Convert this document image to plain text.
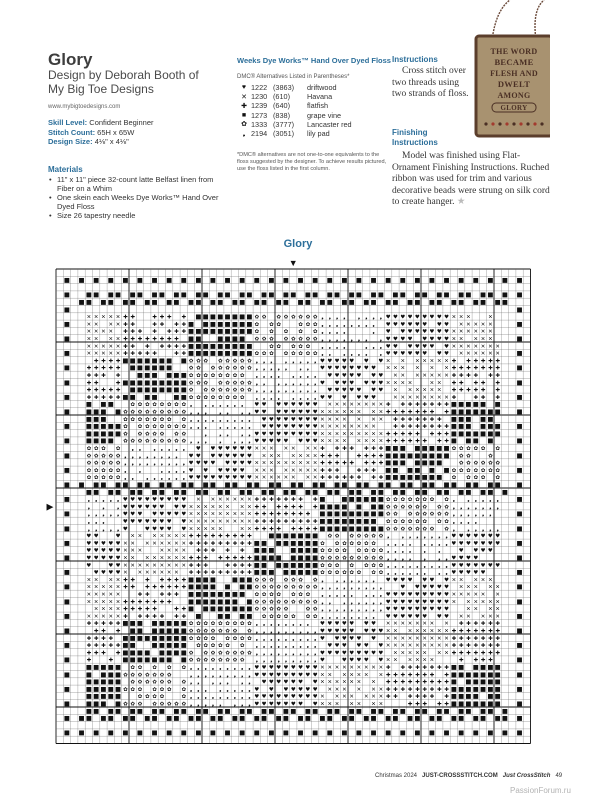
Glory
Design by Deborah Booth of My Big Toe Designs
www.mybigtoedesigns.com
Skill Level: Confident Beginner
Stitch Count: 65H x 65W
Design Size: 4⅛" x 4⅛"
Materials
• 11" x 11" piece 32-count latte Belfast linen from Fiber on a Whim
• One skein each Weeks Dye Works™ Hand Over Dyed Floss
• Size 26 tapestry needle
Weeks Dye Works™ Hand Over Dyed Floss
DMC® Alternatives Listed in Parentheses*
♥ 1222 (3863)	driftwood
✕ 1230 (610)	Havana
✚ 1239 (640)	flatfish
■ 1273 (838)	grape vine
✿ 1333 (3777)	Lancaster red
❟ 2194 (3051)	lily pad
*DMC® alternatives are not one-to-one equivalents to the floss suggested by the designer. To achieve results pictured, use the floss listed in the first column.
Instructions
Cross stitch over two threads using two strands of floss.
Finishing Instructions
Model was finished using Flat-Ornament Finishing Instructions. Ruched ribbon was used for trim and various decorative beads were strung on silk cord to create hanger. ★
THE WORD
BECAME
FLESH AND
DWELT
AMONG
GLORY
Glory
■ ■ ■ ■ ■ ■ ■ ■ ■ ■ ■ ■ ■ ■ ■ ■ ■ ■ ■ ■ ■ ■ ■ ■ ■ ■ ■ ■ ■ ■ ■ ■
■ ■ ■ ■ ■ ■ ■ ■ ■ ■ ■ ■ ■ ■ ■ ■ ■ ■ ■ ■ ■ ■ ■ ■ ■ ■ ■ ■ ■ ■ ■ ■ ■ ■ ■ ■ ■ ■ ■ ■ ■
■ ■ ■ ■ ■ ■ ■ ■ ■ ■ ■ ■ ■ ■ ■ ■ ■ ■ ■ ■ ■ ■ ■ ■ ■ ■ ■ ■ ■ ■ ■ ■ ■ ■ ■ ■ ■ ■ ■ ■
■	■
✕ ✕ ✕ ✕ ✕ ✚ ✚	✚ ✚ ✚ ✚ ■ ■ ■ ■ ■ ■ ■ ■ ✿ ✿ ✿ ✿ ✿ ✿ ✿ ✿ ❟ ❟ ❟ ❟ ❟ ❟ ❟ ❟ ♥ ♥ ♥ ♥ ♥ ♥ ♥ ♥ ♥ ✕ ✕ ✕	✕
■	✕ ✕ ✕ ✕ ✚ ✚	✚ ✚ ✚ ✚ ■ ■ ■ ■ ■ ■ ■ ■ ✿ ✿ ✿	✿ ✿ ✿ ❟ ❟ ❟ ❟ ❟ ❟ ❟ ❟ ♥ ♥ ♥ ♥ ♥ ♥ ♥ ♥ ✕ ✕ ✕ ✕ ✕	■
✕ ✕ ✕ ✕ ✚ ✚ ✚ ✚ ✚ ✚ ✚ ■ ■ ■ ■ ■ ■ ■ ■ ■ ✿ ✿ ✿ ✿ ✿ ❟ ❟ ❟ ❟	❟ ♥ ♥ ♥ ♥ ♥ ♥ ♥ ♥ ✕ ✕ ✕ ✕ ✕ ✕
■	✕ ✕ ✕ ✕ ✚ ✚ ✚ ✚ ✚ ✚ ✚ ✚ ■ ■ ■ ■ ■ ■ ✿ ✿ ✿ ✿ ✿ ✿ ✿ ✿ ❟ ❟ ❟ ❟ ❟ ❟ ❟ ❟ ♥ ♥ ♥ ♥ ♥ ♥ ♥ ♥ ✕ ✕ ✕ ✕ ✕	■
✕ ✕ ✕ ✕ ✕ ✚ ✚ ✚ ✚ ✚ ✚ ✚ ■ ■ ■ ■ ■ ■ ■ ■ ■	✿ ✿ ✿ ✿ ✿ ❟ ❟ ❟ ❟	❟ ❟ ❟ ♥ ♥ ♥ ♥ ♥ ♥ ♥ ✕ ✕ ✕ ✕ ✕ ✕ ✕
■	✕ ✕ ✕ ✕ ✕ ✚ ✚ ✚ ✚ ✚	✚ ✚ ■ ■ ■ ■ ■ ■ ■ ■ ■ ✿ ✿ ✿ ✿ ✿ ✿ ✿ ✿ ❟ ❟ ❟ ❟ ❟ ❟ ❟ ♥ ♥ ♥ ♥ ♥ ♥ ♥ ♥ ✕ ✕ ✕ ✕ ✕ ✕	■
✚ ✚ ✚ ✚ ■ ■ ■ ■ ■ ■ ■ ■ ✿ ✿ ✿ ✿ ✿ ✿ ✿ ✿ ❟ ❟ ❟ ❟ ❟ ❟ ❟ ❟ ♥ ♥ ♥ ♥ ♥ ♥ ♥ ✕ ✕ ✕ ✕ ✕ ✕ ✕ ✚ ✚ ✚ ✚ ✚ ✚
■	✚ ✚ ✚ ✚ ✚ ■ ■ ■ ■ ■ ■	✿ ✿ ✿ ✿ ✿ ✿ ✿ ✿ ❟ ❟ ❟ ❟ ❟ ❟ ❟ ♥ ♥ ♥ ♥ ♥ ♥ ♥ ♥ ✕ ✕ ✕ ✕ ✕ ✕ ✚ ✚ ✚ ✚ ✚ ✚ ✚	■
✚ ✚ ✚ ✚	■ ■ ■ ■ ■ ■ ✿ ✿ ✿ ✿ ✿ ✿ ✿ ✿ ❟ ❟ ❟ ❟ ❟ ❟ ❟ ❟ ♥ ♥ ♥ ♥ ♥ ♥ ♥ ✕ ✕ ✕ ✕ ✕ ✕ ✕ ✚ ✚ ✚ ✚ ✚ ✚
■	✚ ✚	✚ ■ ■ ■ ■ ■ ■ ■ ■ ■ ✿ ✿ ✿ ✿ ✿ ✿ ✿ ✿ ❟ ❟ ❟ ❟ ❟ ❟ ❟ ❟ ♥ ♥ ♥ ♥ ♥ ♥ ♥ ✕ ✕ ✕ ✕	✕ ✕ ✚ ✚ ✚ ✚ ✚	■
✚ ✚ ✚ ✚ ✚ ■ ■ ■ ■ ■ ■ ■ ■ ✿ ✿ ✿ ✿ ✿ ✿ ✿ ✿ ❟ ❟ ❟ ❟ ❟ ❟ ❟ ❟ ❟ ♥ ♥ ♥ ♥ ♥ ♥ ♥ ✕ ✕ ✕ ✕ ✕ ✕ ✚ ✚ ✚ ✚ ✚ ✚
■	✚ ✚ ✚ ✚ ✚ ■ ■ ■ ■ ■ ■ ✿ ✿ ✿ ✿ ✿ ✿ ✿ ✿ ❟ ❟ ❟ ❟ ❟ ❟ ❟ ❟ ♥ ♥ ♥ ♥ ♥ ♥	✕ ✕ ✕ ✕ ✕ ✕ ✕ ✕ ✚	✚ ✚ ✚	■
■ ■ ■	✿ ✿ ✿ ✿ ✿ ✿ ✿ ✿ ❟ ❟ ❟ ❟ ❟ ❟ ❟ ♥ ♥ ♥ ♥ ♥ ♥ ♥ ♥ ✕ ✕ ✕ ✕ ✕ ✕ ✕ ✕ ✚ ✚ ✚ ✚ ✚ ✚ ✚ ✚ ■ ■ ■ ■ ■ ■
■ ■ ■ ■ ■ ✿ ✿ ✿ ✿ ✿ ✿ ✿ ✿ ✿ ❟ ❟ ❟ ❟ ❟ ❟ ❟ ♥ ♥ ♥ ♥ ♥ ♥ ♥ ♥ ✕ ✕ ✕ ✕ ✕ ✕ ✕ ✕ ✚ ✚ ✚ ✚ ✚ ✚ ✚ ✚ ■ ■ ■ ■ ■ ■ ■ ■
■ ■ ■	✿ ✿ ✿ ✿ ✿ ✿ ✿ ✿ ❟ ❟ ❟ ❟ ❟ ❟ ❟ ❟ ❟ ♥ ♥ ♥ ♥ ♥ ♥ ♥ ♥ ✕ ✕ ✕ ✕ ✕ ✕ ✕ ✚ ✚ ✚ ✚ ✚ ✚ ✚ ■ ■ ■ ■ ■
■ ■ ■ ■ ■ ■ ✿ ✿ ✿ ✿ ✿ ✿ ✿ ✿ ❟ ❟ ❟ ❟ ❟ ❟ ❟ ❟ ♥ ♥ ♥ ♥ ♥ ♥ ♥ ♥ ✕ ✕ ✕ ✕ ✕ ✕ ✕ ✕	✚ ✚ ✚ ✚ ✚ ✚ ✚ ✚ ■ ■ ■ ■ ■ ■ ■
■ ■ ■ ■ ■ ✿ ✿ ✿ ✿ ✿ ✿ ✿	❟ ❟ ❟ ❟ ❟ ♥ ♥ ♥ ♥ ♥ ♥ ♥ ♥ ♥ ✕ ✕ ✕ ✕ ✕ ✕ ✕ ✕ ✕ ✚ ✚ ✚ ✚ ✚ ✚ ✚ ✚ ■ ■ ■ ■ ■ ■ ■
■ ■ ■ ■ ■ ✿ ✿ ✿ ✿ ✿ ✿ ✿ ✿ ✿ ❟ ❟ ❟ ❟ ❟ ❟ ❟ ♥ ♥ ♥ ♥ ♥ ♥ ♥ ♥ ✕ ✕ ✕ ✕ ✕ ✕ ✕ ✕ ✚ ✚ ✚ ✚ ✚ ✚ ✚ ✚ ■ ■ ■ ■	■
✿ ✿ ✿ ✿ ❟ ❟ ❟ ❟ ❟ ❟ ❟ ♥ ♥ ♥ ♥ ♥ ♥ ♥ ✕ ✕ ✕ ✕ ✕ ✕ ✕ ✚ ✚ ✚ ✚ ✚ ✚ ✚ ■ ■ ■ ■ ■ ■ ■ ■ ✿ ✿ ✿ ✿ ✿ ✿
■	✿ ✿ ✿ ✿ ✿ ❟ ❟ ❟ ❟ ❟ ❟ ❟ ❟ ♥ ♥ ♥ ♥ ♥ ♥ ♥ ♥ ✕ ✕ ✕ ✕ ✕ ✕ ✕ ✚ ✚ ✚	✚ ✚ ✚ ✚ ■ ■ ■ ■ ■ ■ ■ ■ ■ ✿ ✿	✿	■
✿ ✿ ✿ ✿ ✿ ❟ ❟ ❟ ❟ ❟ ❟ ❟ ❟ ❟ ♥ ♥ ♥ ♥ ♥ ♥ ♥ ♥ ✕ ✕ ✕ ✕ ✕ ✕ ✕ ✕ ✕ ✚ ✚ ✚ ✚ ✚ ✚ ✚ ✚ ■ ■ ■ ■ ■ ■ ■	✿ ✿ ✿ ✿ ✿ ✿
■	✿ ✿ ✿ ✿ ✿ ❟ ❟	❟ ❟ ❟ ❟ ♥ ♥ ♥ ♥ ♥ ♥ ✕ ✕ ✕ ✕ ✕ ✕ ✕ ✕ ✚ ✚ ✚	✚ ✚ ✚ ■ ■ ■ ■ ■ ■ ✿ ✿ ✿ ✿ ✿ ✿ ✿	■
✿ ✿ ✿ ✿ ✿ ❟ ❟ ❟ ❟ ❟ ❟ ❟ ❟ ♥ ♥ ♥ ♥ ♥ ♥ ♥ ♥ ♥ ✕ ✕ ✕ ✕ ✕ ✕ ✕ ✕ ✚ ✚ ✚ ✚ ✚ ✚ ✚ ✚ ■ ■ ■ ■ ■ ■ ■ ■ ✿ ✿ ✿ ✿ ✿
■ ■ ■ ■ ■ ■ ■ ■ ■ ■ ■ ■ ■ ■ ■ ■ ■ ■ ■ ■ ■ ■ ■ ■ ■ ■ ■ ■ ■ ■ ■ ■ ■ ■ ■ ■ ■ ■ ■ ■ ■
■ ■ ■ ■ ■ ■ ■ ■ ■ ■ ■ ■ ■ ■ ■ ■ ■ ■ ■ ■ ■ ■ ■ ■ ■ ■ ■ ■ ■ ■ ■ ■ ■ ■ ■ ■ ■ ■ ■
■	❟ ❟ ❟ ❟ ❟ ♥ ♥ ♥ ♥ ♥ ♥ ♥ ♥ ♥ ✕ ✕ ✕ ✕ ✕ ✕ ✕ ✚ ✚ ✚ ✚ ✚ ✚ ✚ ✚ ■ ■ ■ ■ ■ ■ ■ ✿ ✿ ✿ ✿ ✿ ✿ ✿ ✿ ❟ ❟ ❟ ❟ ❟ ❟	■
❟ ❟ ❟ ♥ ♥ ♥ ♥ ♥ ♥ ♥ ♥ ✕ ✕ ✕ ✕ ✕ ✕ ✕ ✕ ✚ ✚ ✚ ✚ ✚ ✚ ✚ ■ ■ ■ ■ ■ ■ ■ ✿ ✿ ✿ ✿ ✿ ✿ ✿ ✿ ❟ ❟ ❟ ❟ ❟ ❟ ❟
■	❟ ❟ ❟ ❟ ❟ ♥ ♥ ♥ ♥ ♥ ♥ ♥ ♥ ✕ ✕ ✕ ✕ ✕ ✕ ✕ ✕ ✕ ✚ ✚ ✚ ✚ ✚ ✚ ✚ ✚ ■ ■ ■ ■ ■ ■ ■ ■ ■ ✿ ✿ ✿ ✿ ✿ ✿ ✿ ✿ ❟ ❟ ❟ ❟ ❟ ❟	■
❟ ❟ ❟	♥ ♥ ♥ ♥ ♥ ♥ ♥ ♥ ✕ ✕ ✕ ✕ ✕ ✕ ✕ ✕ ✕ ✚ ✚ ✚ ✚ ✚ ✚ ✚ ✚ ✚ ■ ■ ■ ■ ■ ■ ■ ■ ✿ ✿ ✿ ✿ ✿ ✿ ✿ ✿ ❟ ❟ ❟ ❟
■	❟ ❟ ❟ ❟ ❟ ♥	♥ ♥ ♥ ♥ ♥ ✕ ✕ ✕ ✕ ✕	✕ ✕ ✚ ✚ ✚ ✚ ✚ ✚ ✚ ✚ ■ ■ ■ ■ ■ ■ ■ ■ ■ ✿ ✿ ✿ ✿ ✿ ✿ ✿ ✿ ❟ ❟ ❟ ❟ ❟ ❟	■
♥ ♥	♥ ✕ ✕ ✕ ✕ ✕ ✕ ✕ ✚ ✚ ✚ ✚ ✚ ✚ ✚ ✚ ✚	■ ■ ■ ■ ■ ■ ■ ✿ ✿ ✿ ✿ ✿ ✿ ✿ ❟ ❟ ❟ ❟ ❟ ❟ ❟ ❟ ♥ ♥ ♥ ♥ ♥ ♥ ♥
■	♥ ♥ ♥ ♥ ♥ ✕ ✕ ✕ ✕ ✕ ✕ ✕ ✕ ✚ ✚ ✚ ✚ ✚ ✚ ✚ ✚ ✚ ■ ■ ■ ■ ■ ■ ■ ■ ✿ ✿ ✿ ✿ ✿ ✿ ✿ ❟ ❟ ❟ ❟ ❟ ❟ ❟ ❟ ♥ ♥ ♥ ♥ ♥ ♥ ♥	■
♥ ♥ ♥ ♥ ♥ ✕ ✕ ✕	✕ ✕ ✕ ✕ ✚ ✚ ✚ ✚ ✚ ■ ■ ■ ■ ■ ■ ■ ✿ ✿ ✿ ✿ ✿ ✿ ✿ ✿ ❟ ❟ ❟ ❟ ❟ ❟	♥ ♥ ♥ ♥
■	♥ ♥ ♥ ♥ ♥ ✕ ✕ ✕ ✕ ✕ ✕ ✕ ✕ ✚ ✚ ✚ ✚ ✚ ✚ ✚ ✚ ■ ■ ■ ■ ■ ■ ■ ■ ✿ ✿ ✿ ✿ ✿ ✿ ✿ ✿ ✿ ❟ ❟ ❟ ❟ ❟ ❟ ❟ ♥ ♥ ♥ ♥	■
♥	♥ ♥ ✕ ✕ ✕ ✕ ✕ ✕ ✕ ✕ ✕ ✚ ✚ ✚	✚ ✚ ✚ ✚ ■ ■ ■ ■ ■ ■ ■ ■ ✿ ✿ ✿ ✿ ✿ ✿ ✿ ❟ ❟ ❟ ❟ ❟ ❟ ❟ ❟ ❟ ♥ ♥ ♥ ♥ ♥ ♥ ♥
■	♥ ♥ ♥ ♥ ✕ ✕ ✕ ✕ ✕ ✕ ✕ ✚ ✚ ✚ ✚ ✚ ✚ ✚ ✚ ✚ ■ ■ ■ ■ ■ ■ ■ ■ ✿ ✿ ✿ ✿ ✿ ✿ ✿ ✿ ❟ ❟ ❟ ❟ ❟ ❟ ❟ ❟ ♥ ♥ ♥ ♥ ♥	■
✕ ✕ ✕ ✕ ✚ ✚ ✚ ✚ ✚ ✚ ✚ ■ ■ ■ ■ ■ ■ ■ ✿ ✿ ✿ ✿ ✿ ✿ ✿ ❟ ❟ ❟ ❟ ❟ ❟ ❟ ♥ ♥ ♥ ♥ ♥ ♥ ♥ ✕ ✕ ✕ ✕ ✕
■	✕ ✕ ✕ ✕ ✕ ✚ ✚ ✚ ✚ ✚ ✚ ✚ ✚ ■ ■ ■ ■ ■ ■ ■ ✿ ✿ ✿ ✿ ✿ ✿ ✿ ✿ ✿ ❟ ❟ ❟ ❟ ❟ ❟ ❟ ❟ ❟	♥ ♥ ♥ ♥ ♥ ♥ ✕ ✕ ✕ ✕ ✕	■
✕ ✕ ✕ ✕ ✕	✚ ✚ ✚ ✚ ✚ ■ ■ ■ ■ ■ ■ ■ ■ ✿ ✿ ✿ ✿ ✿ ✿ ✿ ❟ ❟ ❟ ❟ ❟ ❟ ❟ ❟ ♥ ♥ ♥ ♥ ♥ ♥ ♥ ♥ ♥ ✕ ✕ ✕ ✕ ✕ ✕
■	✕ ✕ ✕ ✕ ✕ ✚ ✚ ✚ ✚ ✚ ✚ ✚	■ ■ ■ ■ ■ ■ ■ ■ ✿ ✿ ✿ ✿ ✿ ✿ ✿ ✿ ✿ ❟ ❟ ❟ ❟ ❟ ❟ ❟ ❟ ♥ ♥ ♥ ♥ ♥ ♥ ♥ ♥ ♥ ✕ ✕ ✕ ✕ ✕ ✕	■
✕ ✕ ✕ ✕ ✚ ✚ ✚ ✚ ✚	✚ ✚ ■ ■ ■ ■ ■ ■ ■ ■ ✿ ✿ ✿ ✿ ✿	✿ ✿ ❟ ❟ ❟ ❟ ❟ ❟ ❟ ❟ ❟ ♥ ♥ ♥ ♥ ♥ ♥ ♥ ♥ ♥	✕ ✕ ✕ ✕
■	✕ ✕ ✕ ✕ ✕ ✚ ✚ ✚ ✚ ✚ ✚ ✚ ■ ■ ■ ■ ■ ✿ ✿ ✿ ✿ ✿ ✿ ✿ ❟ ❟ ❟ ❟ ❟ ❟ ❟ ❟ ♥ ♥ ♥ ♥ ♥ ♥ ♥ ♥ ✕ ✕ ✕ ✕ ✕	■
✚ ✚ ✚ ✚ ✚ ■ ■ ■ ■ ■ ■ ■ ■ ✿ ✿ ✿ ✿ ✿ ✿ ✿ ✿ ✿ ❟ ❟ ❟ ❟ ❟ ❟ ❟ ❟ ♥ ♥ ♥ ♥ ♥ ♥ ♥ ✕ ✕ ✕ ✕ ✕ ✕ ✕ ✕ ✚ ✚ ✚ ✚ ✚ ✚
■	✚ ✚ ✚ ■ ■ ■ ■ ■ ■ ■ ✿ ✿ ✿ ✿ ✿ ✿ ✿ ✿ ❟ ❟ ❟ ❟ ❟ ❟ ❟ ❟ ❟ ♥ ♥ ♥ ♥ ♥ ♥ ♥ ♥ ✕ ✕ ✕ ✕ ✕ ✕ ✕ ✕ ✚ ✚ ✚ ✚ ✚ ✚ ✚	■
✚ ✚ ✚ ✚ ■ ■ ■ ■ ■ ■ ■ ■ ■ ✿ ✿ ✿ ✿ ✿ ✿ ✿ ✿ ❟ ❟ ❟ ❟ ❟ ❟ ❟ ❟ ❟ ♥ ♥ ♥ ♥ ♥ ♥ ✕ ✕ ✕ ✕ ✕ ✕ ✕ ✕ ✕ ✚ ✚ ✚ ✚ ✚ ✚ ✚
■	✚ ✚ ✚ ✚ ✚ ■ ■ ■ ■ ■ ■ ■ ✿ ✿ ✿ ✿ ✿ ✿ ❟ ❟ ❟ ❟ ❟ ❟ ❟ ❟ ❟ ♥ ♥ ♥ ♥ ♥ ♥ ✕ ✕ ✕ ✕ ✕ ✕ ✕ ✕ ✕ ✚ ✚ ✚ ✚ ✚ ✚ ✚	■
✚ ✚ ✚ ✚ ■ ■ ■ ■ ■ ■ ■ ■ ✿ ✿ ✿ ✿ ✿ ✿ ✿ ✿ ❟ ❟ ❟ ❟ ❟ ❟ ❟ ❟ ❟ ♥ ♥ ♥ ♥ ♥ ♥ ♥ ♥ ♥ ✕ ✕ ✕ ✕ ✕ ✕ ✕ ✚ ✚ ✚ ✚ ✚ ✚ ✚
■	✚	✚ ■ ■ ■ ■ ■ ■ ■ ■ ✿ ✿ ✿ ✿ ✿ ✿ ✿ ✿ ❟ ❟ ❟ ❟ ❟ ❟ ❟ ❟ ❟ ♥	♥ ♥ ♥ ♥ ♥ ✕ ✕ ✕ ✕ ✕ ✕	✚ ✚ ✚ ✚	■
■ ■ ■ ■ ■ ✿ ✿ ✿ ✿ ✿ ❟ ❟ ❟ ❟ ❟ ❟ ❟ ❟ ❟ ♥ ♥ ♥ ♥ ♥ ♥ ♥ ♥ ♥ ✕ ✕ ✕ ✕ ✕ ✕ ✕ ✕ ✕ ✚ ✚ ✚ ✚ ✚ ✚ ✚ ✚ ■ ■ ■ ■ ■ ■
■ ■ ■ ■ ■ ✿ ✿ ✿ ✿ ✿ ✿ ✿	❟ ❟ ❟ ❟ ❟ ❟ ❟ ❟ ❟ ♥ ♥ ♥ ♥ ♥ ♥ ♥ ♥ ♥ ✕ ✕ ✕ ✕ ✕ ✕ ✕ ✚ ✚ ✚ ✚ ✚ ✚ ✚ ✚ ■ ■ ■ ■ ■ ■ ■ ■
■ ■ ■ ■ ■ ✿ ✿ ✿ ✿ ✿ ✿ ✿ ❟ ❟ ❟ ❟ ❟ ❟ ❟ ♥ ♥ ♥ ♥ ♥ ♥ ♥ ✕ ✕ ✕ ✕ ✕ ✕ ✕ ✚ ✚ ✚ ✚ ✚ ✚ ✚ ✚ ✚ ■ ■ ■ ■ ■ ■
■ ■ ■ ■ ■ ■ ✿ ✿ ✿ ✿ ✿ ✿ ✿ ❟ ❟ ❟ ❟ ❟ ❟ ❟ ❟ ♥ ♥ ♥ ♥ ♥ ♥ ♥ ✕ ✕ ✕ ✕ ✕ ✕ ✚ ✚ ✚ ✚ ✚ ✚ ✚ ✚ ✚ ■ ■ ■ ■ ■ ■ ■ ■
■ ■ ■ ■ ■	✿ ✿ ✿ ✿	✿ ❟ ❟ ❟ ❟ ❟ ❟ ❟ ❟ ❟ ♥ ♥ ♥ ♥ ♥ ♥ ♥ ♥ ♥ ✕ ✕ ✕ ✕ ✕ ✕ ✕ ✚ ✚ ✚ ✚ ✚ ✚ ✚ ■ ■ ■ ■ ■ ■
■ ■ ■ ■ ■ ✿ ✿ ✿ ✿ ✿ ✿ ✿ ✿ ❟ ❟ ❟ ❟ ❟ ❟ ❟ ❟ ♥ ♥ ♥ ♥ ♥ ♥ ♥ ♥ ✕ ✕ ✕ ✕ ✕ ✕ ✕	✚ ✚ ✚ ✚ ✚ ■ ■ ■ ■ ■ ■ ■ ■
■ ■ ■ ■ ■ ■ ■ ■ ■ ■ ■ ■ ■ ■ ■ ■ ■ ■ ■ ■ ■ ■ ■ ■ ■ ■ ■ ■ ■ ■ ■ ■ ■ ■ ■ ■ ■ ■ ■
■ ■ ■ ■ ■ ■ ■ ■ ■ ■ ■ ■ ■ ■ ■ ■ ■ ■ ■ ■ ■ ■ ■ ■ ■ ■ ■ ■ ■ ■ ■ ■ ■ ■ ■ ■ ■ ■ ■ ■ ■ ■
■ ■ ■ ■ ■ ■ ■ ■ ■ ■ ■ ■ ■ ■ ■ ■ ■ ■ ■ ■ ■ ■ ■ ■ ■ ■ ■ ■ ■ ■ ■ ■
▼
▶
Christmas 2024 JUST-CROSSSTITCH.COM Just CrossStitch 49
PassionForum.ru
